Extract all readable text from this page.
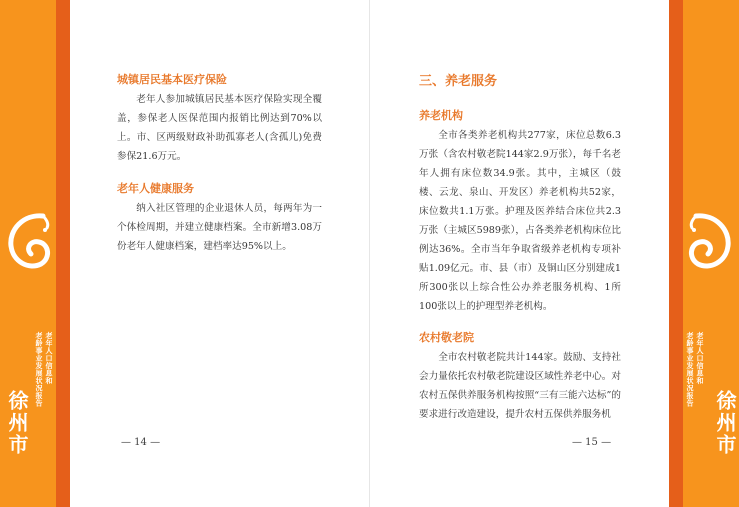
老年人口信息和
老龄事业发展状况报告
徐州市
城镇居民基本医疗保险

老年人参加城镇居民基本医疗保险实现全覆盖，参保老人医保范围内报销比例达到70%以上。市、区两级财政补助孤寡老人(含孤儿)免费参保21.6万元。

老年人健康服务

纳入社区管理的企业退休人员，每两年为一个体检周期，并建立健康档案。全市新增3.08万份老年人健康档案，建档率达95%以上。

— 14 —
三、养老服务
养老机构

全市各类养老机构共277家，床位总数6.3万张（含农村敬老院144家2.9万张），每千名老年人拥有床位数34.9张。其中，主城区（鼓楼、云龙、泉山、开发区）养老机构共52家，床位数共1.1万张。护理及医养结合床位共2.3万张（主城区5989张），占各类养老机构床位比例达36%。全市当年争取省级养老机构专项补贴1.09亿元。市、县（市）及铜山区分别建成1所300张以上综合性公办养老服务机构、1所100张以上的护理型养老机构。

农村敬老院

全市农村敬老院共计144家。鼓励、支持社会力量依托农村敬老院建设区域性养老中心。对农村五保供养服务机构按照“三有三能六达标”的要求进行改造建设，提升农村五保供养服务机

— 15 —
老年人口信息和
老龄事业发展状况报告
徐州市
